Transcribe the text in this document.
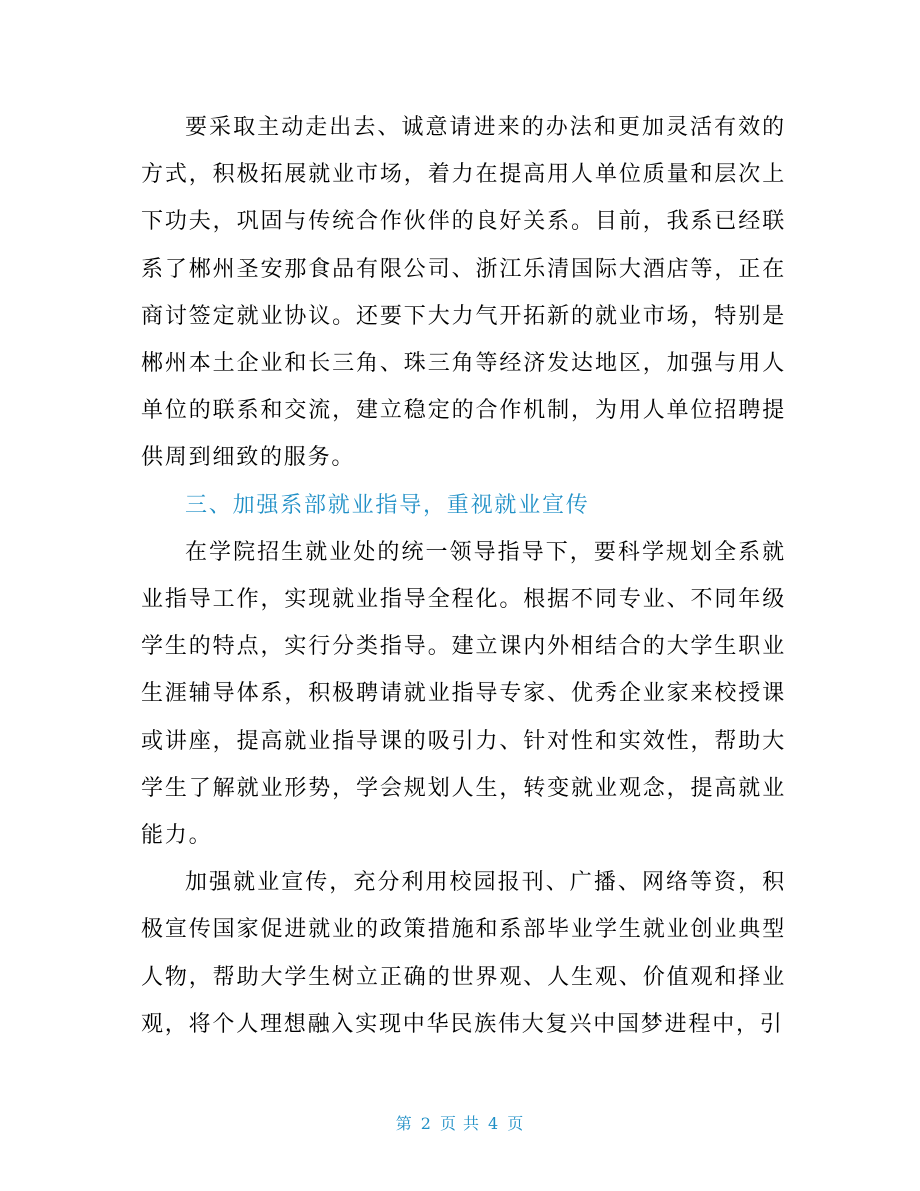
要采取主动走出去、诚意请进来的办法和更加灵活有效的方式，积极拓展就业市场，着力在提高用人单位质量和层次上下功夫，巩固与传统合作伙伴的良好关系。目前，我系已经联系了郴州圣安那食品有限公司、浙江乐清国际大酒店等，正在商讨签定就业协议。还要下大力气开拓新的就业市场，特别是郴州本土企业和长三角、珠三角等经济发达地区，加强与用人单位的联系和交流，建立稳定的合作机制，为用人单位招聘提供周到细致的服务。

三、加强系部就业指导，重视就业宣传

在学院招生就业处的统一领导指导下，要科学规划全系就业指导工作，实现就业指导全程化。根据不同专业、不同年级学生的特点，实行分类指导。建立课内外相结合的大学生职业生涯辅导体系，积极聘请就业指导专家、优秀企业家来校授课或讲座，提高就业指导课的吸引力、针对性和实效性，帮助大学生了解就业形势，学会规划人生，转变就业观念，提高就业能力。

加强就业宣传，充分利用校园报刊、广播、网络等资，积极宣传国家促进就业的政策措施和系部毕业学生就业创业典型人物，帮助大学生树立正确的世界观、人生观、价值观和择业观，将个人理想融入实现中华民族伟大复兴中国梦进程中，引

第 2 页 共 4 页
